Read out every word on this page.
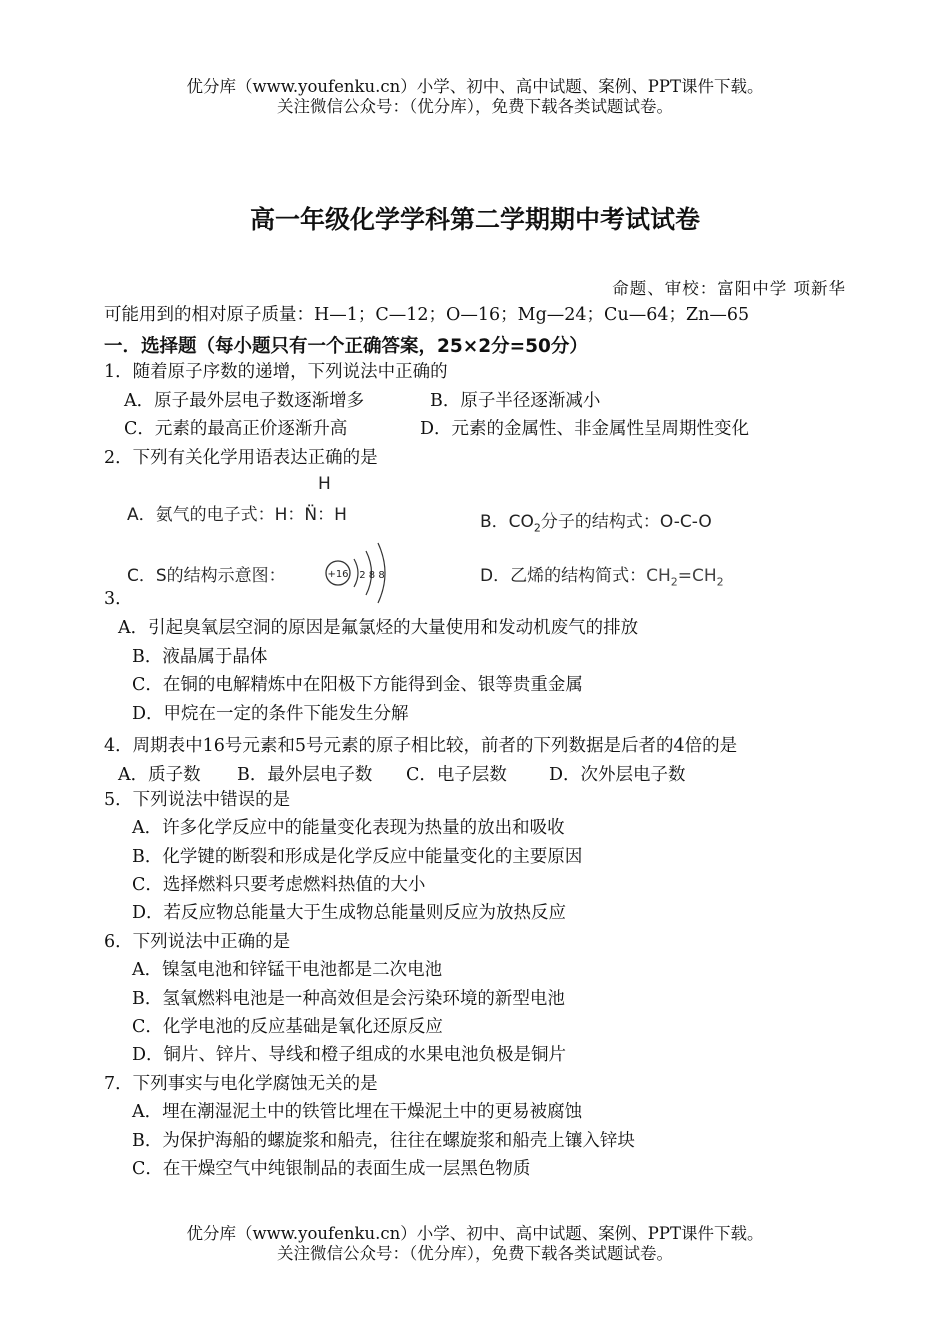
优分库（www.youfenku.cn）小学、初中、高中试题、案例、PPT课件下载。
关注微信公众号：（优分库），免费下载各类试题试卷。
高一年级化学学科第二学期期中考试试卷
命题、审校：富阳中学 项新华
可能用到的相对原子质量：H—1；C—12；O—16；Mg—24；Cu—64；Zn—65
一．选择题（每小题只有一个正确答案，25×2分=50分）
1．随着原子序数的递增，下列说法中正确的
A．原子最外层电子数逐渐增多	B．原子半径逐渐减小
C．元素的最高正价逐渐升高	D．元素的金属性、非金属性呈周期性变化
2．下列有关化学用语表达正确的是
A．氨气的电子式：H：N̈：H
H
B．$CO_2$分子的结构式：O-C-O
C．S的结构示意图：	+16 2 8 8	D．乙烯的结构简式：$CH_2=CH_2$
3．
A．引起臭氧层空洞的原因是氟氯烃的大量使用和发动机废气的排放
B．液晶属于晶体
C．在铜的电解精炼中在阳极下方能得到金、银等贵重金属
D．甲烷在一定的条件下能发生分解
4．周期表中16号元素和5号元素的原子相比较，前者的下列数据是后者的4倍的是
A．质子数 B．最外层电子数 C．电子层数 D．次外层电子数
5．下列说法中错误的是
A．许多化学反应中的能量变化表现为热量的放出和吸收
B．化学键的断裂和形成是化学反应中能量变化的主要原因
C．选择燃料只要考虑燃料热值的大小
D．若反应物总能量大于生成物总能量则反应为放热反应
6．下列说法中正确的是
A．镍氢电池和锌锰干电池都是二次电池
B．氢氧燃料电池是一种高效但是会污染环境的新型电池
C．化学电池的反应基础是氧化还原反应
D．铜片、锌片、导线和橙子组成的水果电池负极是铜片
7．下列事实与电化学腐蚀无关的是
A．埋在潮湿泥土中的铁管比埋在干燥泥土中的更易被腐蚀
B．为保护海船的螺旋浆和船壳，往往在螺旋浆和船壳上镶入锌块
C．在干燥空气中纯银制品的表面生成一层黑色物质
优分库（www.youfenku.cn）小学、初中、高中试题、案例、PPT课件下载。
关注微信公众号：（优分库），免费下载各类试题试卷。
